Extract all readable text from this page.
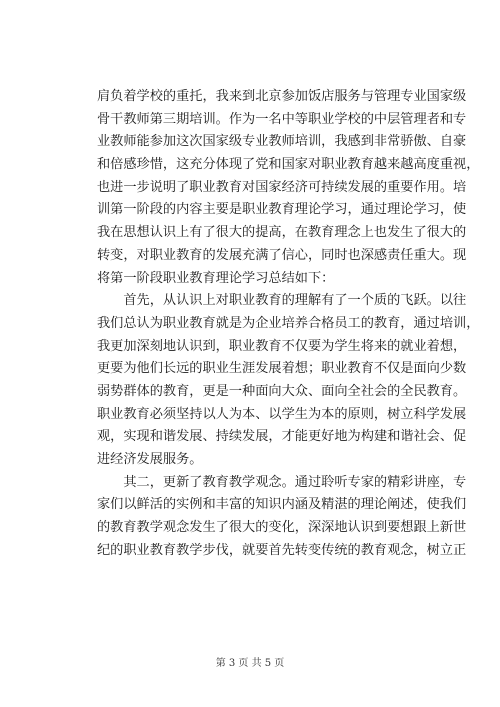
肩负着学校的重托，我来到北京参加饭店服务与管理专业国家级
骨干教师第三期培训。作为一名中等职业学校的中层管理者和专
业教师能参加这次国家级专业教师培训，我感到非常骄傲、自豪
和倍感珍惜，这充分体现了党和国家对职业教育越来越高度重视，
也进一步说明了职业教育对国家经济可持续发展的重要作用。培
训第一阶段的内容主要是职业教育理论学习，通过理论学习，使
我在思想认识上有了很大的提高，在教育理念上也发生了很大的
转变，对职业教育的发展充满了信心，同时也深感责任重大。现
将第一阶段职业教育理论学习总结如下：
　　首先，从认识上对职业教育的理解有了一个质的飞跃。以往
我们总认为职业教育就是为企业培养合格员工的教育，通过培训，
我更加深刻地认识到，职业教育不仅要为学生将来的就业着想，
更要为他们长远的职业生涯发展着想；职业教育不仅是面向少数
弱势群体的教育，更是一种面向大众、面向全社会的全民教育。
职业教育必须坚持以人为本、以学生为本的原则，树立科学发展
观，实现和谐发展、持续发展，才能更好地为构建和谐社会、促
进经济发展服务。
　　其二，更新了教育教学观念。通过聆听专家的精彩讲座，专
家们以鲜活的实例和丰富的知识内涵及精湛的理论阐述，使我们
的教育教学观念发生了很大的变化，深深地认识到要想跟上新世
纪的职业教育教学步伐，就要首先转变传统的教育观念，树立正
第 3 页 共 5 页
